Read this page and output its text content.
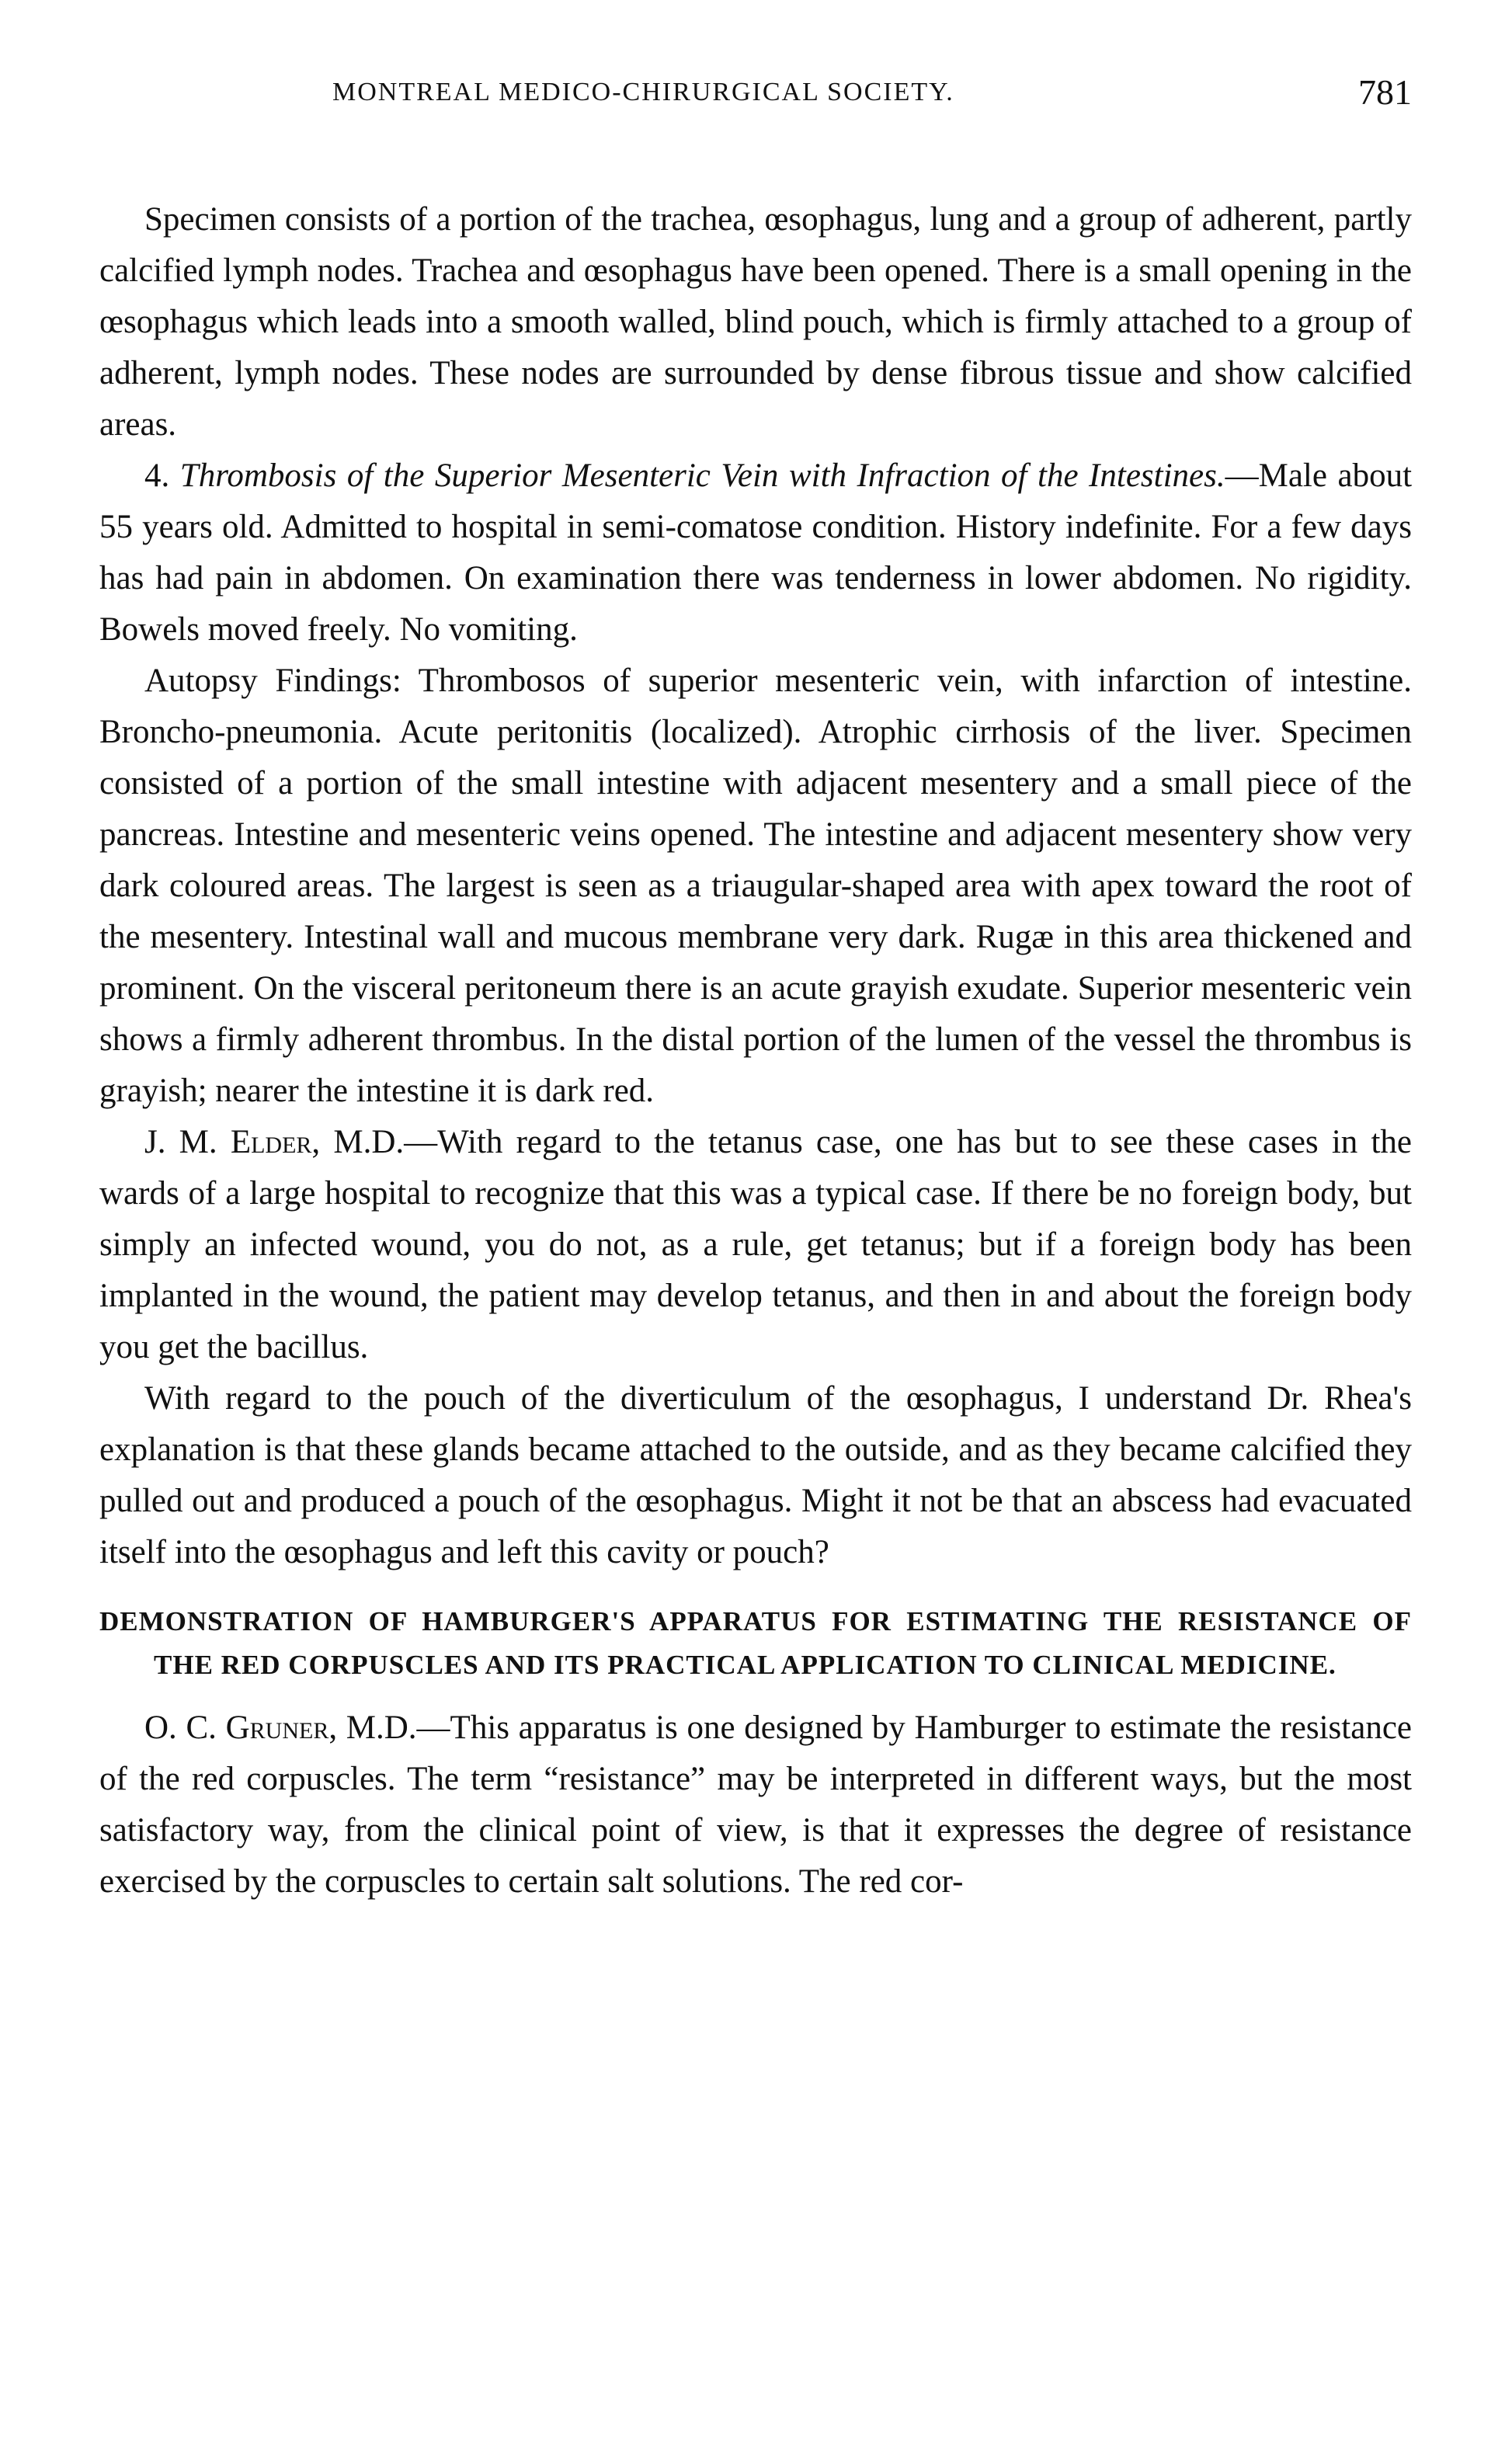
MONTREAL MEDICO-CHIRURGICAL SOCIETY.	781

Specimen consists of a portion of the trachea, œsophagus, lung and a group of adherent, partly calcified lymph nodes. Trachea and œsophagus have been opened. There is a small opening in the œsophagus which leads into a smooth walled, blind pouch, which is firmly attached to a group of adherent, lymph nodes. These nodes are surrounded by dense fibrous tissue and show calcified areas.

4. Thrombosis of the Superior Mesenteric Vein with Infraction of the Intestines.—Male about 55 years old. Admitted to hospital in semi-comatose condition. History indefinite. For a few days has had pain in abdomen. On examination there was tenderness in lower abdomen. No rigidity. Bowels moved freely. No vomiting.

Autopsy Findings: Thrombosos of superior mesenteric vein, with infarction of intestine. Broncho-pneumonia. Acute peritonitis (localized). Atrophic cirrhosis of the liver. Specimen consisted of a portion of the small intestine with adjacent mesentery and a small piece of the pancreas. Intestine and mesenteric veins opened. The intestine and adjacent mesentery show very dark coloured areas. The largest is seen as a triaugular-shaped area with apex toward the root of the mesentery. Intestinal wall and mucous membrane very dark. Rugæ in this area thickened and prominent. On the visceral peritoneum there is an acute grayish exudate. Superior mesenteric vein shows a firmly adherent thrombus. In the distal portion of the lumen of the vessel the thrombus is grayish; nearer the intestine it is dark red.

J. M. Elder, M.D.—With regard to the tetanus case, one has but to see these cases in the wards of a large hospital to recognize that this was a typical case. If there be no foreign body, but simply an infected wound, you do not, as a rule, get tetanus; but if a foreign body has been implanted in the wound, the patient may develop tetanus, and then in and about the foreign body you get the bacillus.

With regard to the pouch of the diverticulum of the œsophagus, I understand Dr. Rhea's explanation is that these glands became attached to the outside, and as they became calcified they pulled out and produced a pouch of the œsophagus. Might it not be that an abscess had evacuated itself into the œsophagus and left this cavity or pouch?

DEMONSTRATION OF HAMBURGER'S APPARATUS FOR ESTIMATING THE RESISTANCE OF THE RED CORPUSCLES AND ITS PRACTICAL APPLICATION TO CLINICAL MEDICINE.

O. C. Gruner, M.D.—This apparatus is one designed by Hamburger to estimate the resistance of the red corpuscles. The term “resistance” may be interpreted in different ways, but the most satisfactory way, from the clinical point of view, is that it expresses the degree of resistance exercised by the corpuscles to certain salt solutions. The red cor-
